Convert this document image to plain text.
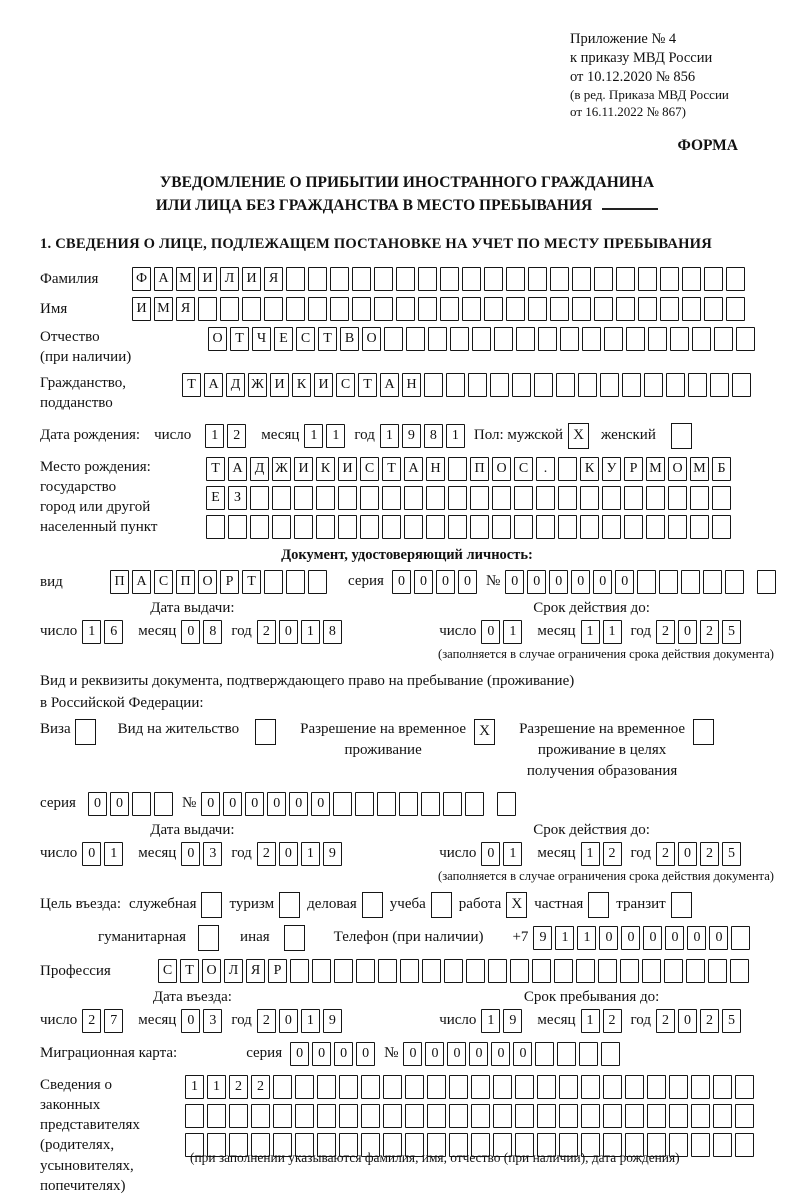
Приложение № 4
к приказу МВД России
от 10.12.2020 № 856
(в ред. Приказа МВД России
от 16.11.2022 № 867)
ФОРМА
УВЕДОМЛЕНИЕ О ПРИБЫТИИ ИНОСТРАННОГО ГРАЖДАНИНА
ИЛИ ЛИЦА БЕЗ ГРАЖДАНСТВА В МЕСТО ПРЕБЫВАНИЯ
1. СВЕДЕНИЯ О ЛИЦЕ, ПОДЛЕЖАЩЕМ ПОСТАНОВКЕ НА УЧЕТ ПО МЕСТУ ПРЕБЫВАНИЯ
Фамилия	Ф А М И Л И Я
Имя	И М Я
Отчество
(при наличии)
О Т Ч Е С Т В О
Гражданство,
подданство
Т А Д Ж И К И С Т А Н
Дата рождения: число	1	2	месяц 1	1	год 1	9	8	1	Пол: мужской X	женский
Место рождения:
государство
город или другой
населенный пункт
Т А Д Ж И К И С Т А Н	П О С	.	К У Р М О М Б
Е	З
Документ, удостоверяющий личность:
вид	П А С П О Р Т	серия	0	0	0	0	№ 0	0	0	0	0	0
Дата выдачи:
число 1	6	месяц 0	8	год 2	0	1	8
Срок действия до:
число 0	1	месяц 1	1	год 2	0	2	5
(заполняется в случае ограничения срока действия документа)
Вид и реквизиты документа, подтверждающего право на пребывание (проживание)
в Российской Федерации:
Виза	Вид на жительство	Разрешение на временное
проживание
X	Разрешение на временное
проживание в целях
получения образования
серия	0	0	№ 0	0	0	0	0	0
Дата выдачи:
число 0	1	месяц 0	3	год 2	0	1	9
Срок действия до:
число 0	1	месяц 1	2	год 2	0	2	5
(заполняется в случае ограничения срока действия документа)
Цель въезда: служебная туризм деловая учеба работа X частная транзит
гуманитарная	иная	Телефон (при наличии) +7 9	1	1	0	0	0	0	0	0
Профессия	С Т О Л Я Р
Дата въезда:
число 2	7	месяц 0	3	год 2	0	1	9
Срок пребывания до:
число 1	9	месяц 1	2	год 2	0	2	5
Миграционная карта:	серия	0	0	0	0	№ 0	0	0	0	0	0
Сведения о
законных
представителях
(родителях,
усыновителях,
попечителях)
1	1	2	2
(при заполнении указываются фамилия, имя, отчество (при наличии), дата рождения)
